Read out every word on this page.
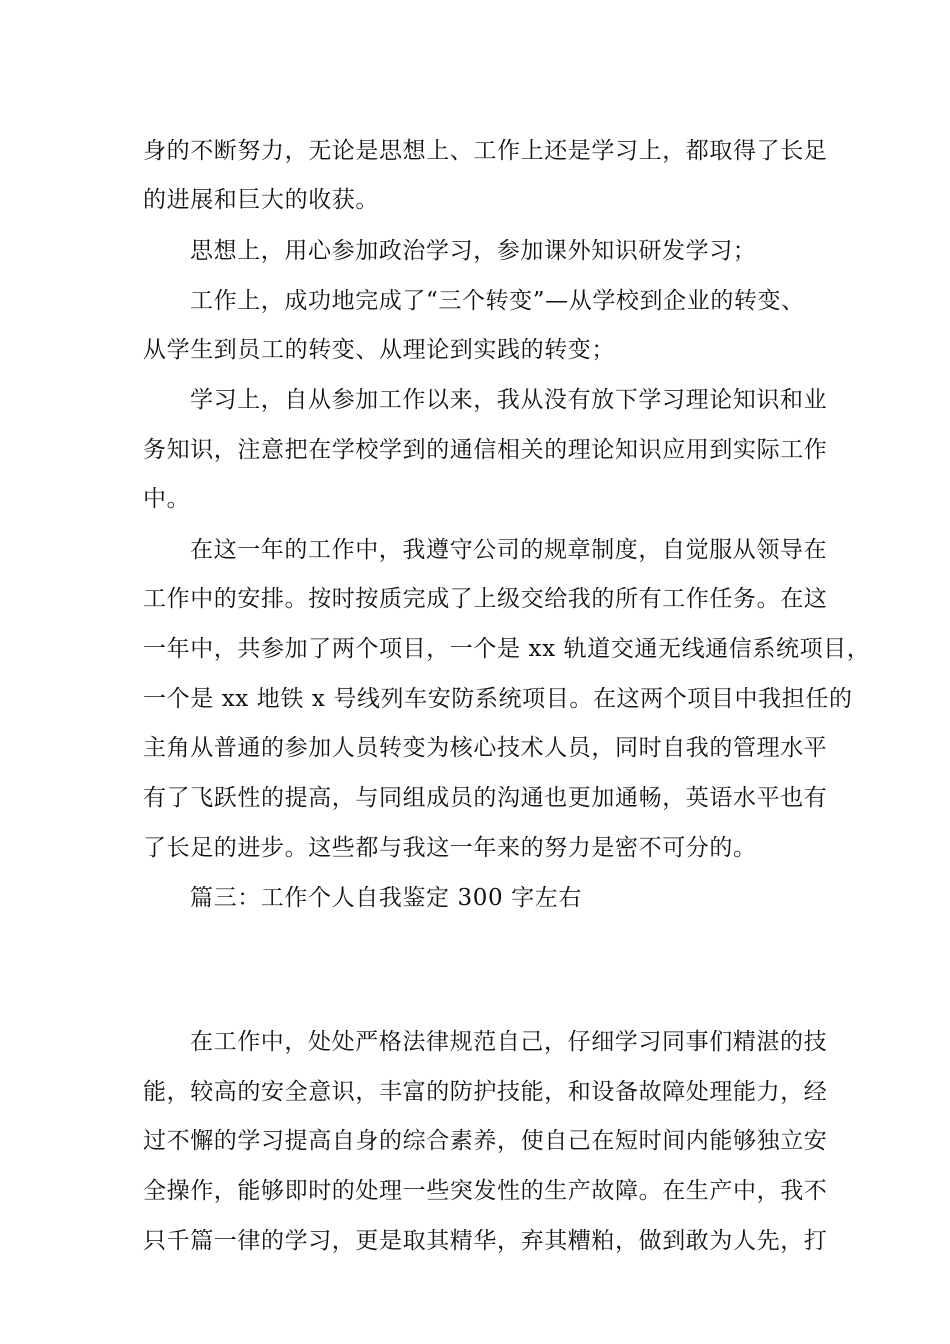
身的不断努力，无论是思想上、工作上还是学习上，都取得了长足
的进展和巨大的收获。
思想上，用心参加政治学习，参加课外知识研发学习；
工作上，成功地完成了“三个转变”—从学校到企业的转变、
从学生到员工的转变、从理论到实践的转变；
学习上，自从参加工作以来，我从没有放下学习理论知识和业
务知识，注意把在学校学到的通信相关的理论知识应用到实际工作
中。
在这一年的工作中，我遵守公司的规章制度，自觉服从领导在
工作中的安排。按时按质完成了上级交给我的所有工作任务。在这
一年中，共参加了两个项目，一个是 xx 轨道交通无线通信系统项目，
一个是 xx 地铁 x 号线列车安防系统项目。在这两个项目中我担任的
主角从普通的参加人员转变为核心技术人员，同时自我的管理水平
有了飞跃性的提高，与同组成员的沟通也更加通畅，英语水平也有
了长足的进步。这些都与我这一年来的努力是密不可分的。
篇三：工作个人自我鉴定 300 字左右
在工作中，处处严格法律规范自己，仔细学习同事们精湛的技
能，较高的安全意识，丰富的防护技能，和设备故障处理能力，经
过不懈的学习提高自身的综合素养，使自己在短时间内能够独立安
全操作，能够即时的处理一些突发性的生产故障。在生产中，我不
只千篇一律的学习，更是取其精华，弃其糟粕，做到敢为人先，打
